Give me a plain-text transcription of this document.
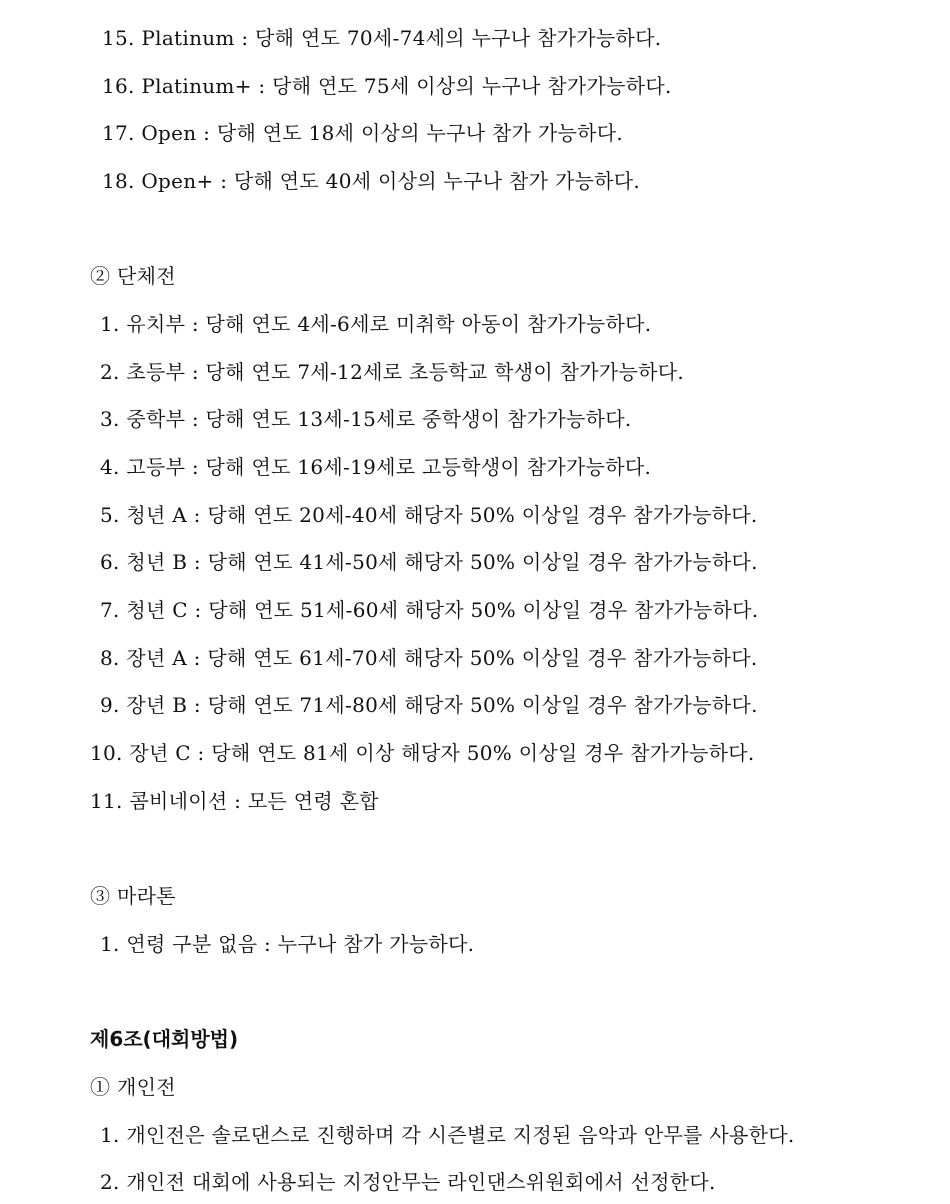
15. Platinum : 당해 연도 70세-74세의 누구나 참가가능하다.
16. Platinum+ : 당해 연도 75세 이상의 누구나 참가가능하다.
17. Open : 당해 연도 18세 이상의 누구나 참가 가능하다.
18. Open+ : 당해 연도 40세 이상의 누구나 참가 가능하다.
② 단체전
1. 유치부 : 당해 연도 4세-6세로 미취학 아동이 참가가능하다.
2. 초등부 : 당해 연도 7세-12세로 초등학교 학생이 참가가능하다.
3. 중학부 : 당해 연도 13세-15세로 중학생이 참가가능하다.
4. 고등부 : 당해 연도 16세-19세로 고등학생이 참가가능하다.
5. 청년 A : 당해 연도 20세-40세 해당자 50% 이상일 경우 참가가능하다.
6. 청년 B : 당해 연도 41세-50세 해당자 50% 이상일 경우 참가가능하다.
7. 청년 C : 당해 연도 51세-60세 해당자 50% 이상일 경우 참가가능하다.
8. 장년 A : 당해 연도 61세-70세 해당자 50% 이상일 경우 참가가능하다.
9. 장년 B : 당해 연도 71세-80세 해당자 50% 이상일 경우 참가가능하다.
10. 장년 C : 당해 연도 81세 이상 해당자 50% 이상일 경우 참가가능하다.
11. 콤비네이션 : 모든 연령 혼합
③ 마라톤
1. 연령 구분 없음 : 누구나 참가 가능하다.
제6조(대회방법)
① 개인전
1. 개인전은 솔로댄스로 진행하며 각 시즌별로 지정된 음악과 안무를 사용한다.
2. 개인전 대회에 사용되는 지정안무는 라인댄스위원회에서 선정한다.
